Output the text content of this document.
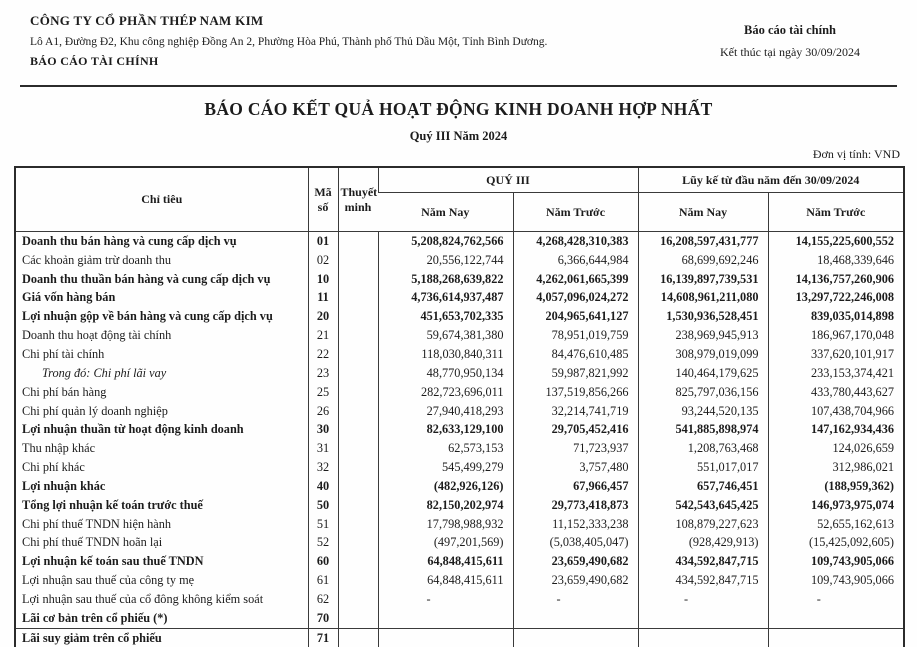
CÔNG TY CỔ PHẦN THÉP NAM KIM
Lô A1, Đường Đ2, Khu công nghiệp Đồng An 2, Phường Hòa Phú, Thành phố Thủ Dầu Một, Tỉnh Bình Dương.
BÁO CÁO TÀI CHÍNH
Báo cáo tài chính
Kết thúc tại ngày 30/09/2024
BÁO CÁO KẾT QUẢ HOẠT ĐỘNG KINH DOANH HỢP NHẤT
Quý III Năm 2024
Đơn vị tính: VND
Chỉ tiêu	Mã số	Thuyết minh	QUÝ III		Lũy kế từ đầu năm đến 30/09/2024	
			Năm Nay	Năm Trước	Năm Nay	Năm Trước
Doanh thu bán hàng và cung cấp dịch vụ	01		5,208,824,762,566	4,268,428,310,383	16,208,597,431,777	14,155,225,600,552
Các khoản giảm trừ doanh thu	02		20,556,122,744	6,366,644,984	68,699,692,246	18,468,339,646
Doanh thu thuần bán hàng và cung cấp dịch vụ	10		5,188,268,639,822	4,262,061,665,399	16,139,897,739,531	14,136,757,260,906
Giá vốn hàng bán	11		4,736,614,937,487	4,057,096,024,272	14,608,961,211,080	13,297,722,246,008
Lợi nhuận gộp về bán hàng và cung cấp dịch vụ	20		451,653,702,335	204,965,641,127	1,530,936,528,451	839,035,014,898
Doanh thu hoạt động tài chính	21		59,674,381,380	78,951,019,759	238,969,945,913	186,967,170,048
Chi phí tài chính	22		118,030,840,311	84,476,610,485	308,979,019,099	337,620,101,917
Trong đó: Chi phí lãi vay	23		48,770,950,134	59,987,821,992	140,464,179,625	233,153,374,421
Chi phí bán hàng	25		282,723,696,011	137,519,856,266	825,797,036,156	433,780,443,627
Chi phí quản lý doanh nghiệp	26		27,940,418,293	32,214,741,719	93,244,520,135	107,438,704,966
Lợi nhuận thuần từ hoạt động kinh doanh	30		82,633,129,100	29,705,452,416	541,885,898,974	147,162,934,436
Thu nhập khác	31		62,573,153	71,723,937	1,208,763,468	124,026,659
Chi phí khác	32		545,499,279	3,757,480	551,017,017	312,986,021
Lợi nhuận khác	40		(482,926,126)	67,966,457	657,746,451	(188,959,362)
Tổng lợi nhuận kế toán trước thuế	50		82,150,202,974	29,773,418,873	542,543,645,425	146,973,975,074
Chi phí thuế TNDN hiện hành	51		17,798,988,932	11,152,333,238	108,879,227,623	52,655,162,613
Chi phí thuế TNDN hoãn lại	52		(497,201,569)	(5,038,405,047)	(928,429,913)	(15,425,092,605)
Lợi nhuận kế toán sau thuế TNDN	60		64,848,415,611	23,659,490,682	434,592,847,715	109,743,905,066
Lợi nhuận sau thuế của công ty mẹ	61		64,848,415,611	23,659,490,682	434,592,847,715	109,743,905,066
Lợi nhuận sau thuế của cổ đông không kiểm soát	62		-	-	-	-
Lãi cơ bản trên cổ phiếu (*)	70					
Lãi suy giảm trên cổ phiếu	71					
